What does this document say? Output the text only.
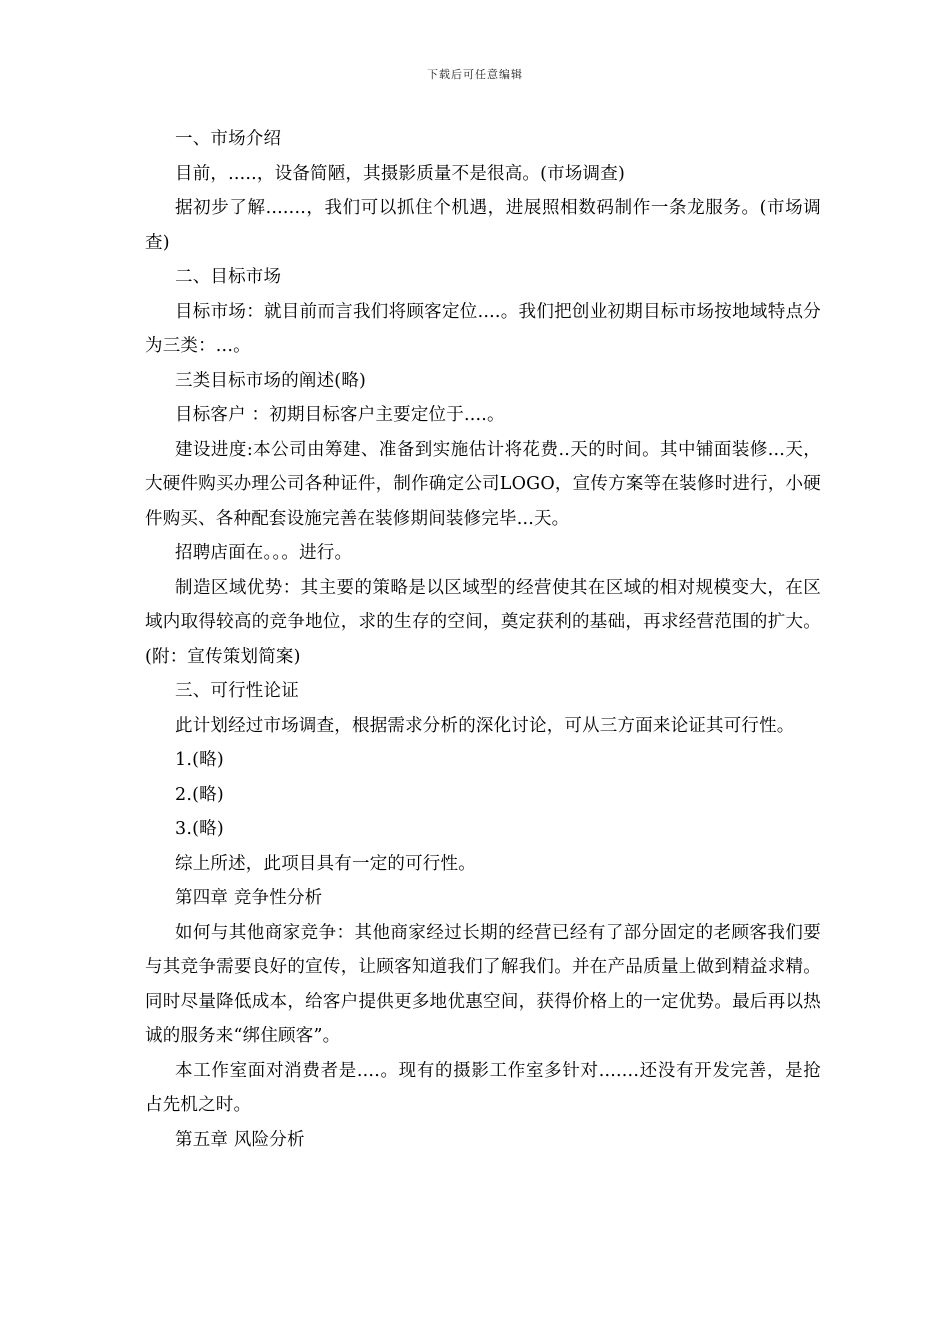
下载后可任意编辑

一、市场介绍

目前，.....，设备简陋，其摄影质量不是很高。(市场调查)

据初步了解.......，我们可以抓住个机遇，进展照相数码制作一条龙服务。(市场调查)

二、目标市场

目标市场：就目前而言我们将顾客定位....。我们把创业初期目标市场按地域特点分为三类：...。

三类目标市场的阐述(略)

目标客户 ：初期目标客户主要定位于....。

建设进度:本公司由筹建、准备到实施估计将花费..天的时间。其中铺面装修...天，大硬件购买办理公司各种证件，制作确定公司LOGO，宣传方案等在装修时进行，小硬件购买、各种配套设施完善在装修期间装修完毕...天。

招聘店面在。。。进行。

制造区域优势：其主要的策略是以区域型的经营使其在区域的相对规模变大，在区域内取得较高的竞争地位，求的生存的空间，奠定获利的基础，再求经营范围的扩大。(附：宣传策划简案)

三、可行性论证

此计划经过市场调查，根据需求分析的深化讨论，可从三方面来论证其可行性。

1.(略)

2.(略)

3.(略)

综上所述，此项目具有一定的可行性。

第四章 竞争性分析

如何与其他商家竞争：其他商家经过长期的经营已经有了部分固定的老顾客我们要与其竞争需要良好的宣传，让顾客知道我们了解我们。并在产品质量上做到精益求精。同时尽量降低成本，给客户提供更多地优惠空间，获得价格上的一定优势。最后再以热诚的服务来“绑住顾客”。

本工作室面对消费者是....。现有的摄影工作室多针对.......还没有开发完善，是抢占先机之时。

第五章 风险分析
